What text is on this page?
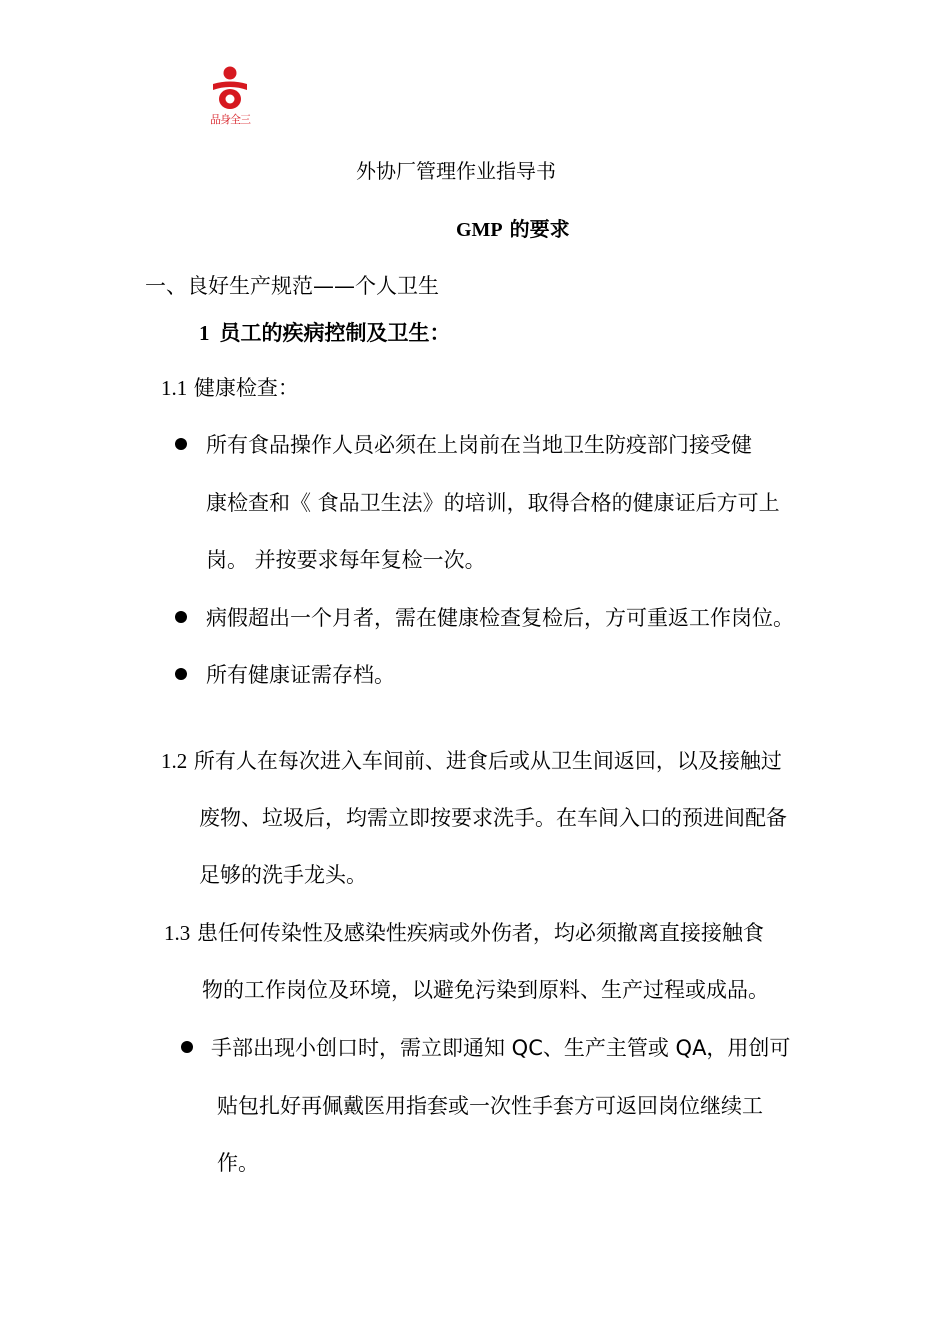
品身全三
外协厂管理作业指导书
GMP 的要求
一、良好生产规范——个人卫生
1 员工的疾病控制及卫生：
1.1 健康检查：
所有食品操作人员必须在上岗前在当地卫生防疫部门接受健
康检查和《 食品卫生法》的培训，取得合格的健康证后方可上
岗。 并按要求每年复检一次。
病假超出一个月者，需在健康检查复检后，方可重返工作岗位。
所有健康证需存档。
1.2 所有人在每次进入车间前、进食后或从卫生间返回，以及接触过
废物、垃圾后，均需立即按要求洗手。在车间入口的预进间配备
足够的洗手龙头。
1.3 患任何传染性及感染性疾病或外伤者，均必须撤离直接接触食
物的工作岗位及环境，以避免污染到原料、生产过程或成品。
手部出现小创口时，需立即通知 QC、生产主管或 QA，用创可
贴包扎好再佩戴医用指套或一次性手套方可返回岗位继续工
作。
